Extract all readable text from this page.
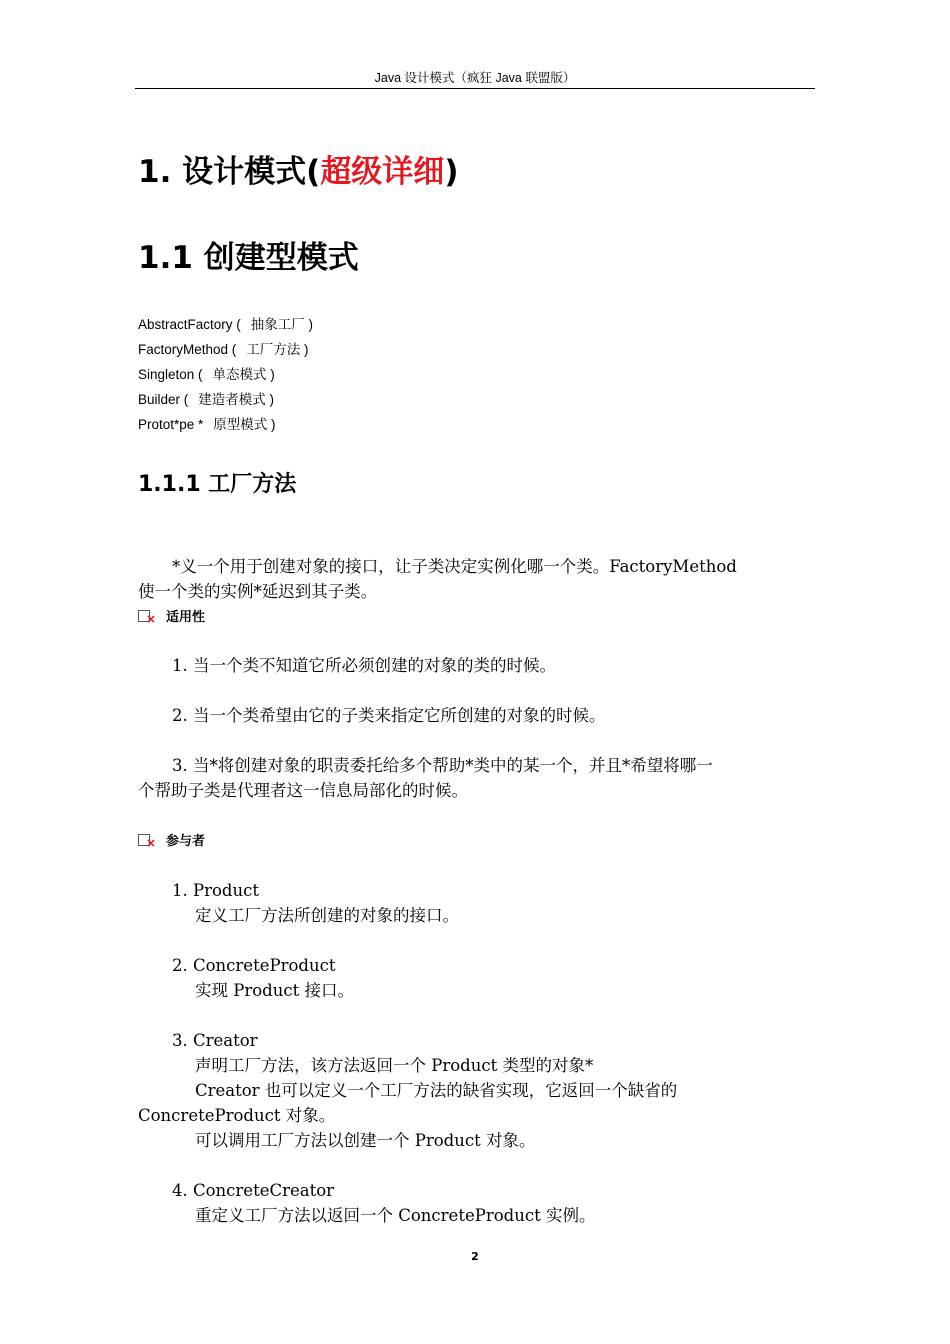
Java 设计模式（疯狂 Java 联盟版）
1. 设计模式(超级详细)
1.1 创建型模式
AbstractFactory ( 抽象工厂 )
FactoryMethod ( 工厂方法 )
Singleton ( 单态模式 )
Builder ( 建造者模式 )
Protot*pe * 原型模式 )
1.1.1 工厂方法
*义一个用于创建对象的接口，让子类决定实例化哪一个类。FactoryMethod
使一个类的实例*延迟到其子类。
×适用性
1. 当一个类不知道它所必须创建的对象的类的时候。
2. 当一个类希望由它的子类来指定它所创建的对象的时候。
3. 当*将创建对象的职责委托给多个帮助*类中的某一个，并且*希望将哪一
个帮助子类是代理者这一信息局部化的时候。
×参与者
1. Product
定义工厂方法所创建的对象的接口。
2. ConcreteProduct
实现 Product 接口。
3. Creator
声明工厂方法，该方法返回一个 Product 类型的对象*
Creator 也可以定义一个工厂方法的缺省实现，它返回一个缺省的
ConcreteProduct 对象。
可以调用工厂方法以创建一个 Product 对象。
4. ConcreteCreator
重定义工厂方法以返回一个 ConcreteProduct 实例。
2
